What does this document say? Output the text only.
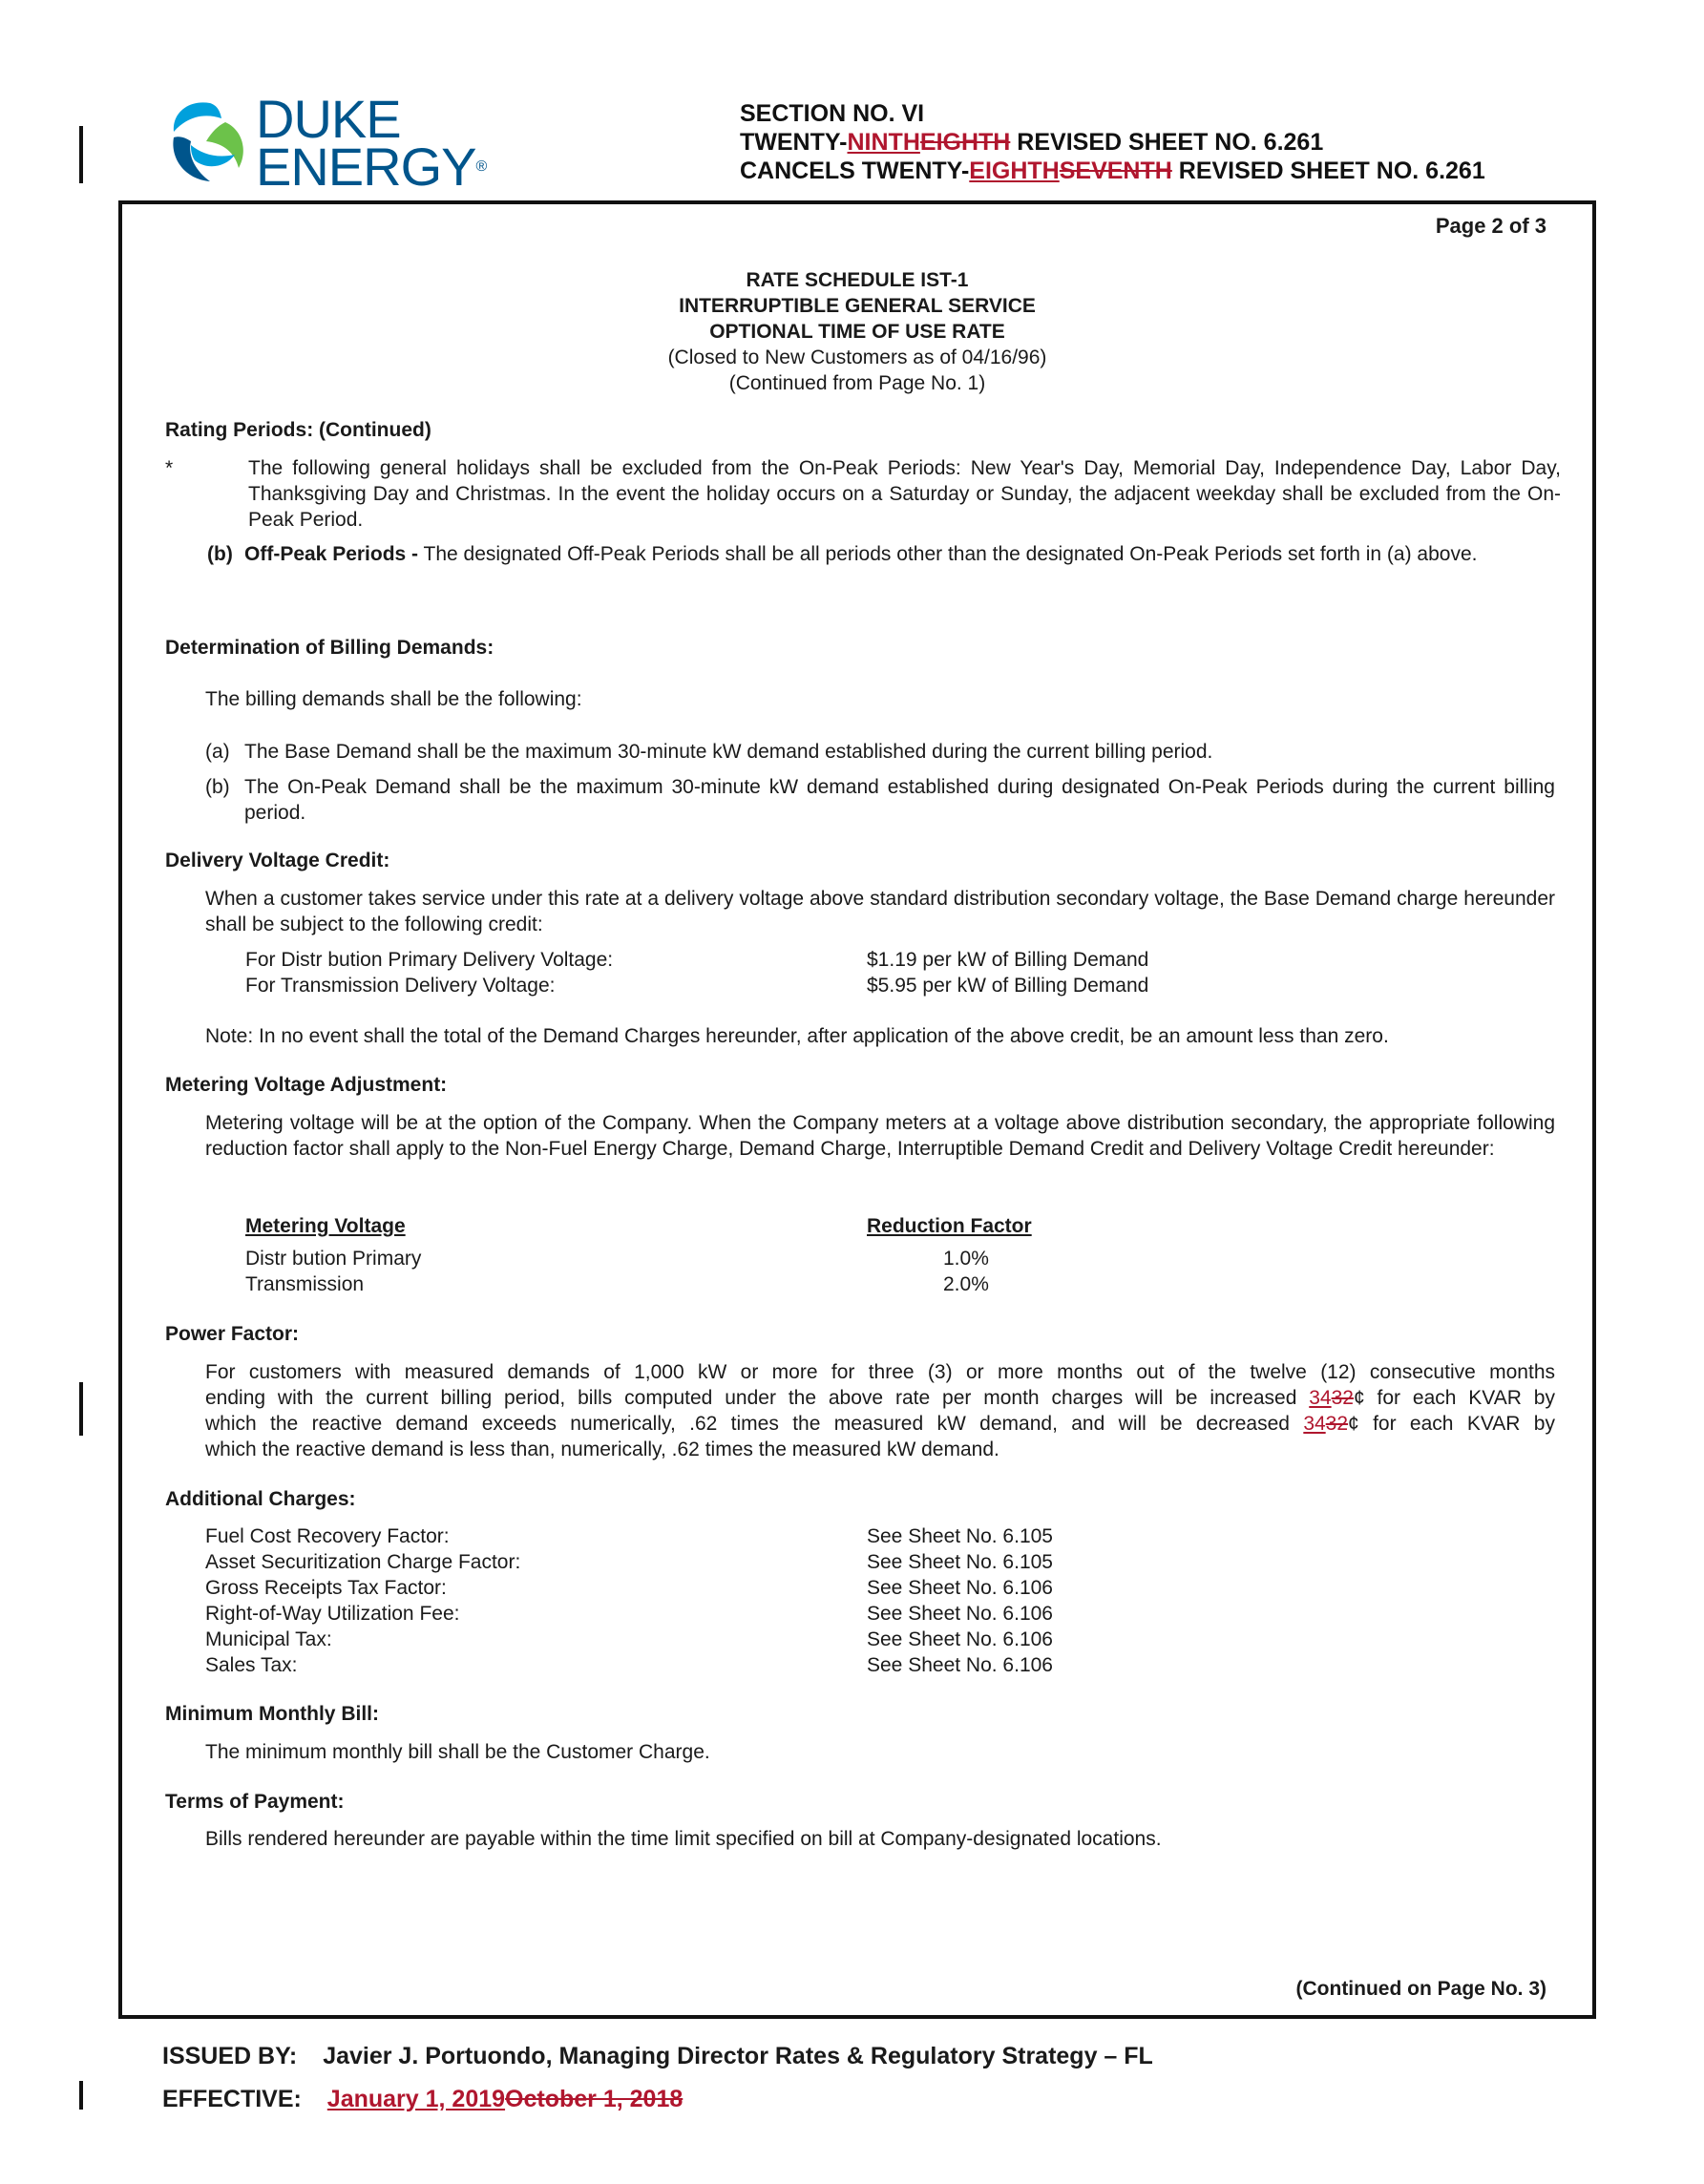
DUKE
ENERGY®
SECTION NO. VI
TWENTY-NINTHEIGHTH REVISED SHEET NO. 6.261
CANCELS TWENTY-EIGHTHSEVENTH REVISED SHEET NO. 6.261
Page 2 of 3
RATE SCHEDULE IST-1
INTERRUPTIBLE GENERAL SERVICE
OPTIONAL TIME OF USE RATE
(Closed to New Customers as of 04/16/96)
(Continued from Page No. 1)
Rating Periods: (Continued)
*	The following general holidays shall be excluded from the On-Peak Periods: New Year's Day, Memorial Day, Independence Day, Labor Day, Thanksgiving Day and Christmas. In the event the holiday occurs on a Saturday or Sunday, the adjacent weekday shall be excluded from the On-Peak Period.
(b) Off-Peak Periods - The designated Off-Peak Periods shall be all periods other than the designated On-Peak Periods set forth in (a) above.
Determination of Billing Demands:
The billing demands shall be the following:
(a) The Base Demand shall be the maximum 30-minute kW demand established during the current billing period.
(b) The On-Peak Demand shall be the maximum 30-minute kW demand established during designated On-Peak Periods during the current billing period.
Delivery Voltage Credit:
When a customer takes service under this rate at a delivery voltage above standard distribution secondary voltage, the Base Demand charge hereunder shall be subject to the following credit:
For Distr bution Primary Delivery Voltage:	$1.19 per kW of Billing Demand
For Transmission Delivery Voltage:	$5.95 per kW of Billing Demand
Note: In no event shall the total of the Demand Charges hereunder, after application of the above credit, be an amount less than zero.
Metering Voltage Adjustment:
Metering voltage will be at the option of the Company. When the Company meters at a voltage above distribution secondary, the appropriate following reduction factor shall apply to the Non-Fuel Energy Charge, Demand Charge, Interruptible Demand Credit and Delivery Voltage Credit hereunder:
Metering Voltage	Reduction Factor
Distr bution Primary	1.0%
Transmission	2.0%
Power Factor:
For customers with measured demands of 1,000 kW or more for three (3) or more months out of the twelve (12) consecutive months
ending with the current billing period, bills computed under the above rate per month charges will be increased 3432¢ for each KVAR by
which the reactive demand exceeds numerically, .62 times the measured kW demand, and will be decreased 3432¢ for each KVAR by
which the reactive demand is less than, numerically, .62 times the measured kW demand.
Additional Charges:
Fuel Cost Recovery Factor:	See Sheet No. 6.105
Asset Securitization Charge Factor:	See Sheet No. 6.105
Gross Receipts Tax Factor:	See Sheet No. 6.106
Right-of-Way Utilization Fee:	See Sheet No. 6.106
Municipal Tax:	See Sheet No. 6.106
Sales Tax:	See Sheet No. 6.106
Minimum Monthly Bill:
The minimum monthly bill shall be the Customer Charge.
Terms of Payment:
Bills rendered hereunder are payable within the time limit specified on bill at Company-designated locations.
(Continued on Page No. 3)
ISSUED BY: Javier J. Portuondo, Managing Director Rates & Regulatory Strategy – FL
EFFECTIVE: January 1, 2019October 1, 2018
